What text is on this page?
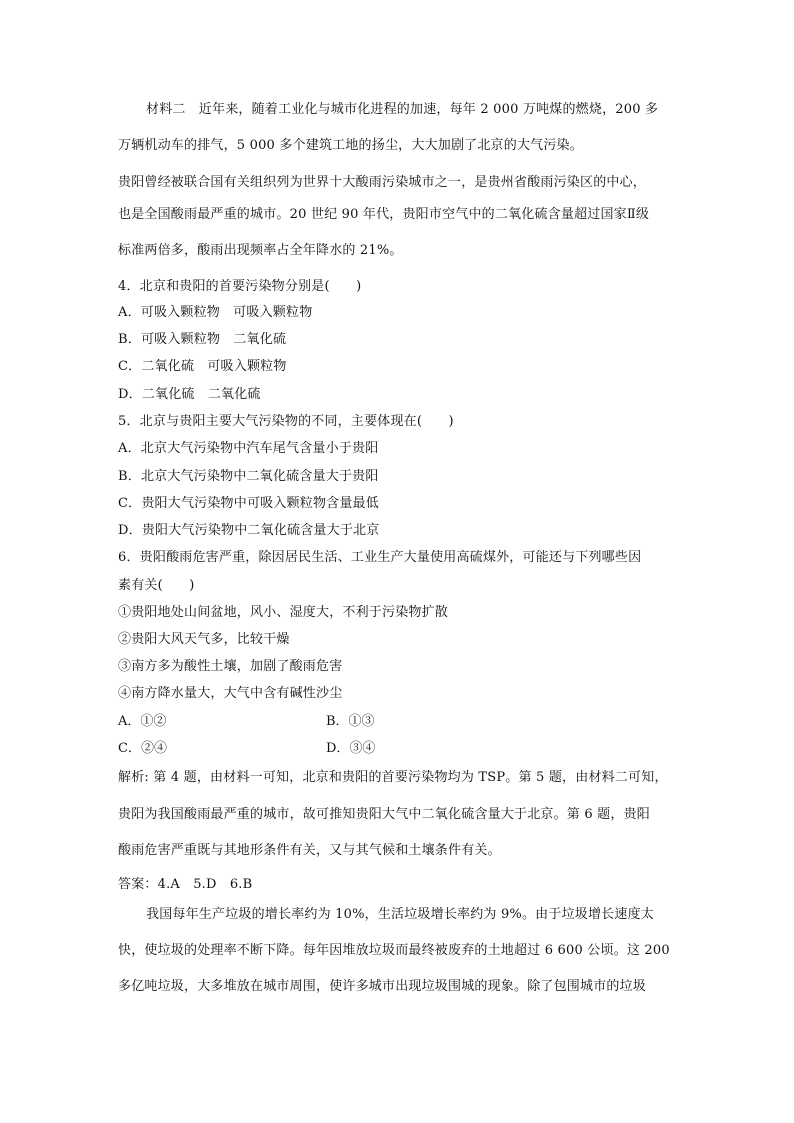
材料二　近年来，随着工业化与城市化进程的加速，每年 2 000 万吨煤的燃烧，200 多
万辆机动车的排气，5 000 多个建筑工地的扬尘，大大加剧了北京的大气污染。
贵阳曾经被联合国有关组织列为世界十大酸雨污染城市之一，是贵州省酸雨污染区的中心，
也是全国酸雨最严重的城市。20 世纪 90 年代，贵阳市空气中的二氧化硫含量超过国家Ⅱ级
标准两倍多，酸雨出现频率占全年降水的 21%。
4．北京和贵阳的首要污染物分别是(　　)
A．可吸入颗粒物　可吸入颗粒物
B．可吸入颗粒物　二氧化硫
C．二氧化硫　可吸入颗粒物
D．二氧化硫　二氧化硫
5．北京与贵阳主要大气污染物的不同，主要体现在(　　)
A．北京大气污染物中汽车尾气含量小于贵阳
B．北京大气污染物中二氧化硫含量大于贵阳
C．贵阳大气污染物中可吸入颗粒物含量最低
D．贵阳大气污染物中二氧化硫含量大于北京
6．贵阳酸雨危害严重，除因居民生活、工业生产大量使用高硫煤外，可能还与下列哪些因
素有关(　　)
①贵阳地处山间盆地，风小、湿度大，不利于污染物扩散
②贵阳大风天气多，比较干燥
③南方多为酸性土壤，加剧了酸雨危害
④南方降水量大，大气中含有碱性沙尘
A．①②	B．①③
C．②④	D．③④
解析: 第 4 题，由材料一可知，北京和贵阳的首要污染物均为 TSP。第 5 题，由材料二可知，
贵阳为我国酸雨最严重的城市，故可推知贵阳大气中二氧化硫含量大于北京。第 6 题，贵阳
酸雨危害严重既与其地形条件有关，又与其气候和土壤条件有关。
答案：4.A　5.D　6.B
我国每年生产垃圾的增长率约为 10%，生活垃圾增长率约为 9%。由于垃圾增长速度太
快，使垃圾的处理率不断下降。每年因堆放垃圾而最终被废弃的土地超过 6 600 公顷。这 200
多亿吨垃圾，大多堆放在城市周围，使许多城市出现垃圾围城的现象。除了包围城市的垃圾
